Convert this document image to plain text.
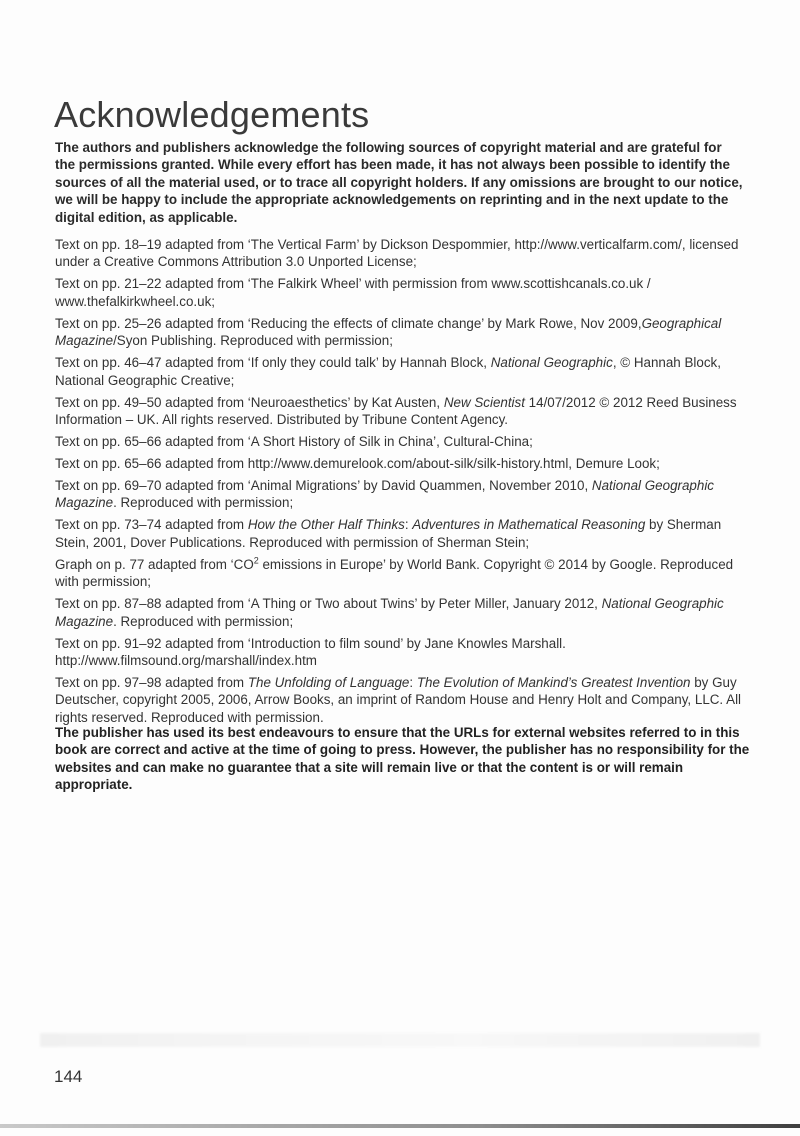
Acknowledgements

The authors and publishers acknowledge the following sources of copyright material and are grateful for the permissions granted. While every effort has been made, it has not always been possible to identify the sources of all the material used, or to trace all copyright holders. If any omissions are brought to our notice, we will be happy to include the appropriate acknowledgements on reprinting and in the next update to the digital edition, as applicable.

Text on pp. 18–19 adapted from ‘The Vertical Farm’ by Dickson Despommier, http://www.verticalfarm.com/, licensed under a Creative Commons Attribution 3.0 Unported License;
Text on pp. 21–22 adapted from ‘The Falkirk Wheel’ with permission from www.scottishcanals.co.uk / www.thefalkirkwheel.co.uk;
Text on pp. 25–26 adapted from ‘Reducing the effects of climate change’ by Mark Rowe, Nov 2009,Geographical Magazine/Syon Publishing. Reproduced with permission;
Text on pp. 46–47 adapted from ‘If only they could talk’ by Hannah Block, National Geographic, © Hannah Block, National Geographic Creative;
Text on pp. 49–50 adapted from ‘Neuroaesthetics’ by Kat Austen, New Scientist 14/07/2012 © 2012 Reed Business Information – UK. All rights reserved. Distributed by Tribune Content Agency.
Text on pp. 65–66 adapted from ‘A Short History of Silk in China’, Cultural-China;
Text on pp. 65–66 adapted from http://www.demurelook.com/about-silk/silk-history.html, Demure Look;
Text on pp. 69–70 adapted from ‘Animal Migrations’ by David Quammen, November 2010, National Geographic Magazine. Reproduced with permission;
Text on pp. 73–74 adapted from How the Other Half Thinks: Adventures in Mathematical Reasoning by Sherman Stein, 2001, Dover Publications. Reproduced with permission of Sherman Stein;
Graph on p. 77 adapted from ‘$CO^2$ emissions in Europe’ by World Bank. Copyright © 2014 by Google. Reproduced with permission;
Text on pp. 87–88 adapted from ‘A Thing or Two about Twins’ by Peter Miller, January 2012, National Geographic Magazine. Reproduced with permission;
Text on pp. 91–92 adapted from ‘Introduction to film sound’ by Jane Knowles Marshall. http://www.filmsound.org/marshall/index.htm
Text on pp. 97–98 adapted from The Unfolding of Language: The Evolution of Mankind’s Greatest Invention by Guy Deutscher, copyright 2005, 2006, Arrow Books, an imprint of Random House and Henry Holt and Company, LLC. All rights reserved. Reproduced with permission.

The publisher has used its best endeavours to ensure that the URLs for external websites referred to in this book are correct and active at the time of going to press. However, the publisher has no responsibility for the websites and can make no guarantee that a site will remain live or that the content is or will remain appropriate.

144
